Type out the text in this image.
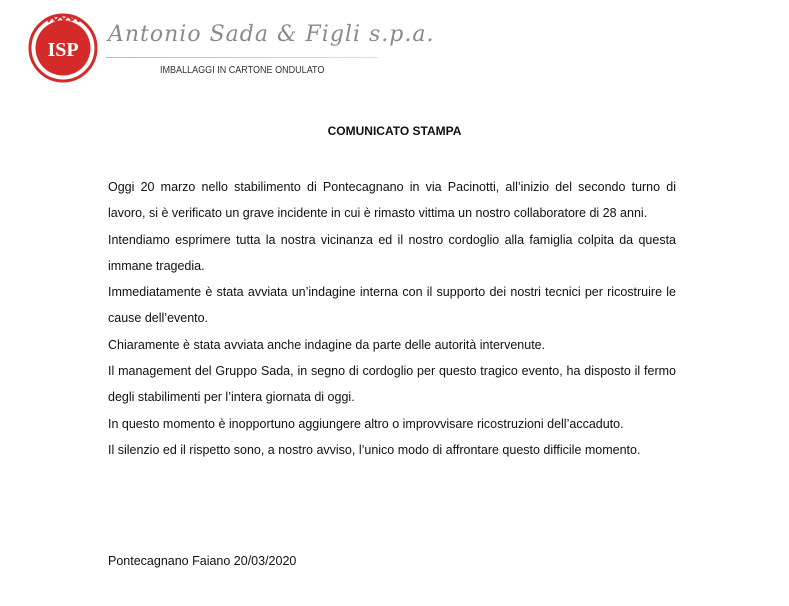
IGCITEE
ISP
Antonio Sada & Figli s.p.a.
IMBALLAGGI IN CARTONE ONDULATO
COMUNICATO STAMPA

Oggi 20 marzo nello stabilimento di Pontecagnano in via Pacinotti, all’inizio del secondo turno di lavoro, si è verificato un grave incidente in cui è rimasto vittima un nostro collaboratore di 28 anni.

Intendiamo esprimere tutta la nostra vicinanza ed il nostro cordoglio alla famiglia colpita da questa immane tragedia.

Immediatamente è stata avviata un’indagine interna con il supporto dei nostri tecnici per ricostruire le cause dell’evento.

Chiaramente è stata avviata anche indagine da parte delle autorità intervenute.

Il management del Gruppo Sada, in segno di cordoglio per questo tragico evento, ha disposto il fermo degli stabilimenti per l’intera giornata di oggi.

In questo momento è inopportuno aggiungere altro o improvvisare ricostruzioni dell’accaduto.

Il silenzio ed il rispetto sono, a nostro avviso, l’unico modo di affrontare questo difficile momento.

Pontecagnano Faiano 20/03/2020
